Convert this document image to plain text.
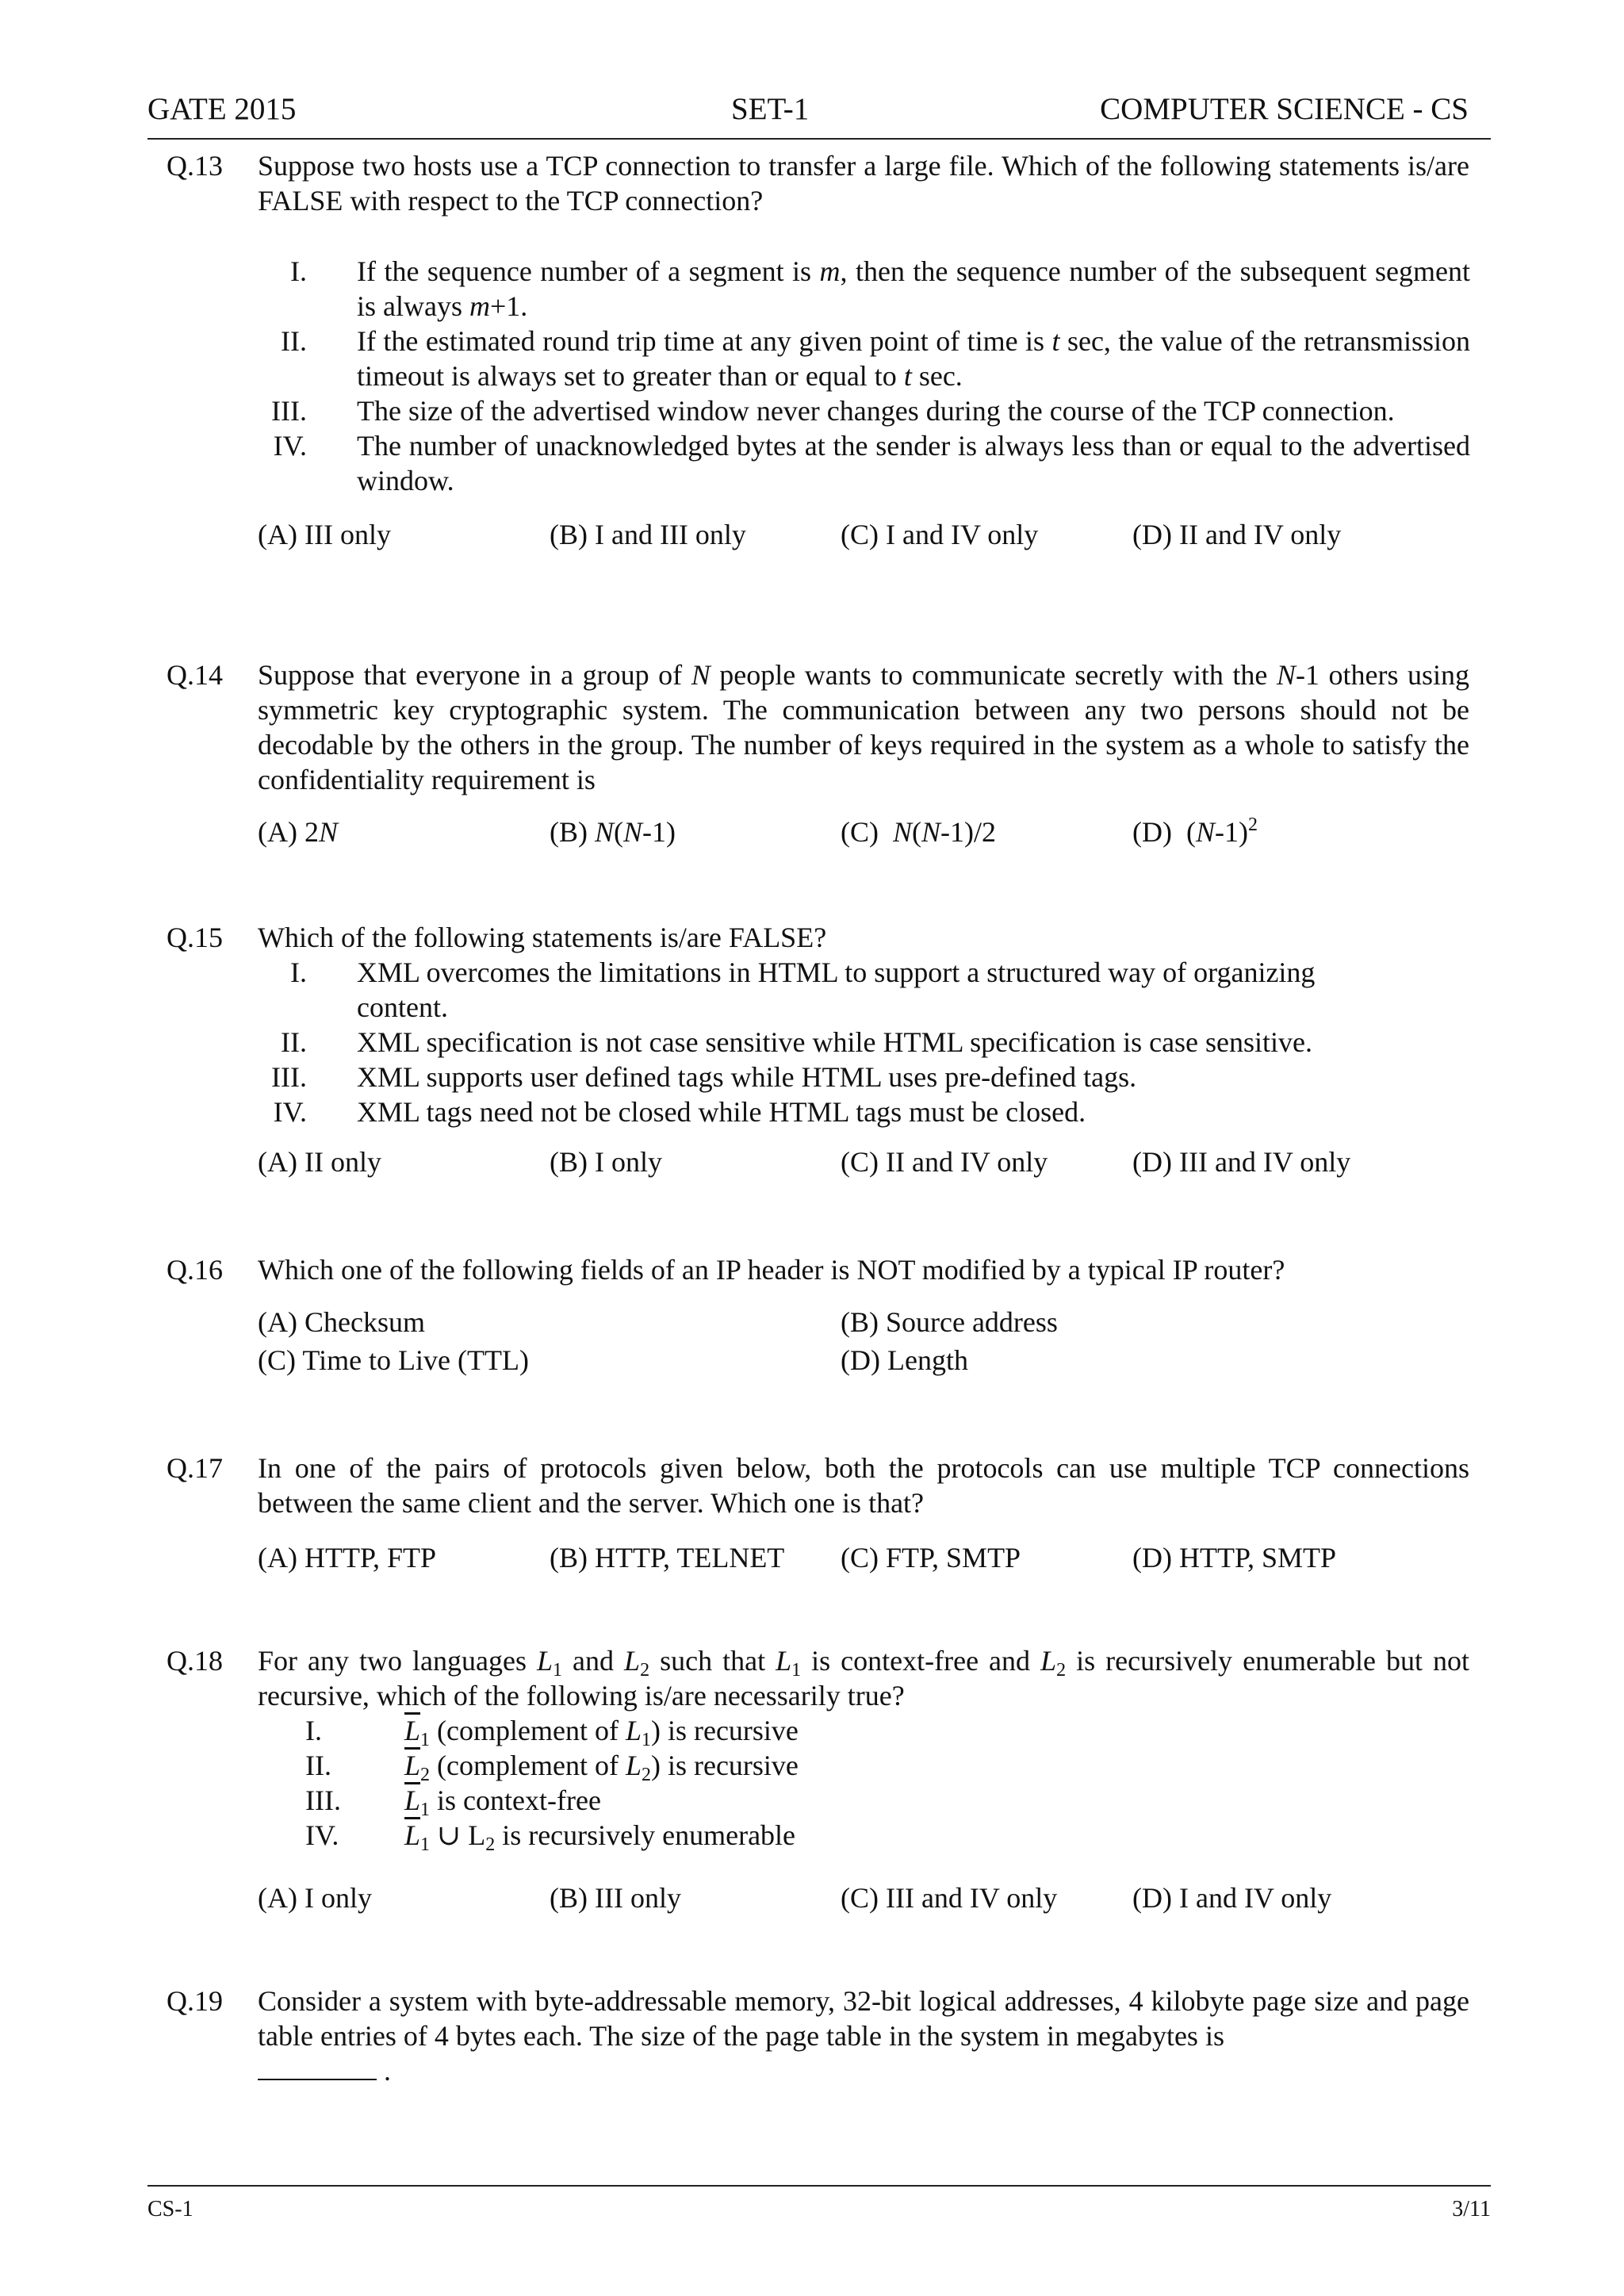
GATE 2015	SET-1	COMPUTER SCIENCE - CS
Q.13 Suppose two hosts use a TCP connection to transfer a large file. Which of the following statements is/are FALSE with respect to the TCP connection?
I. If the sequence number of a segment is m, then the sequence number of the subsequent segment is always m+1.
II. If the estimated round trip time at any given point of time is t sec, the value of the retransmission timeout is always set to greater than or equal to t sec.
III. The size of the advertised window never changes during the course of the TCP connection.
IV. The number of unacknowledged bytes at the sender is always less than or equal to the advertised window.
(A) III only	(B) I and III only	(C) I and IV only	(D) II and IV only
Q.14 Suppose that everyone in a group of N people wants to communicate secretly with the N-1 others using symmetric key cryptographic system. The communication between any two persons should not be decodable by the others in the group. The number of keys required in the system as a whole to satisfy the confidentiality requirement is
(A) 2N	(B) N(N-1)	(C)  N(N-1)/2	(D)  $(N-1)^2$
Q.15 Which of the following statements is/are FALSE?
I. XML overcomes the limitations in HTML to support a structured way of organizing content.
II. XML specification is not case sensitive while HTML specification is case sensitive.
III. XML supports user defined tags while HTML uses pre-defined tags.
IV. XML tags need not be closed while HTML tags must be closed.
(A) II only	(B) I only	(C) II and IV only	(D) III and IV only
Q.16 Which one of the following fields of an IP header is NOT modified by a typical IP router?
(A) Checksum	(B) Source address
(C) Time to Live (TTL)	(D) Length
Q.17 In one of the pairs of protocols given below, both the protocols can use multiple TCP connections between the same client and the server. Which one is that?
(A) HTTP, FTP	(B) HTTP, TELNET (C) FTP, SMTP	(D) HTTP, SMTP
Q.18 For any two languages $L_1$ and $L_2$ such that $L_1$ is context-free and $L_2$ is recursively enumerable but not recursive, which of the following is/are necessarily true?
I.	$\overline{L}_1$ (complement of $L_1$) is recursive
II.	$\overline{L}_2$ (complement of $L_2$) is recursive
III.	$\overline{L}_1$ is context-free
IV.	$\overline{L}_1$ ∪ $L_2$ is recursively enumerable
(A) I only	(B) III only	(C) III and IV only	(D) I and IV only
Q.19 Consider a system with byte-addressable memory, 32-bit logical addresses, 4 kilobyte page size and page table entries of 4 bytes each. The size of the page table in the system in megabytes is
.
CS-1	3/11
